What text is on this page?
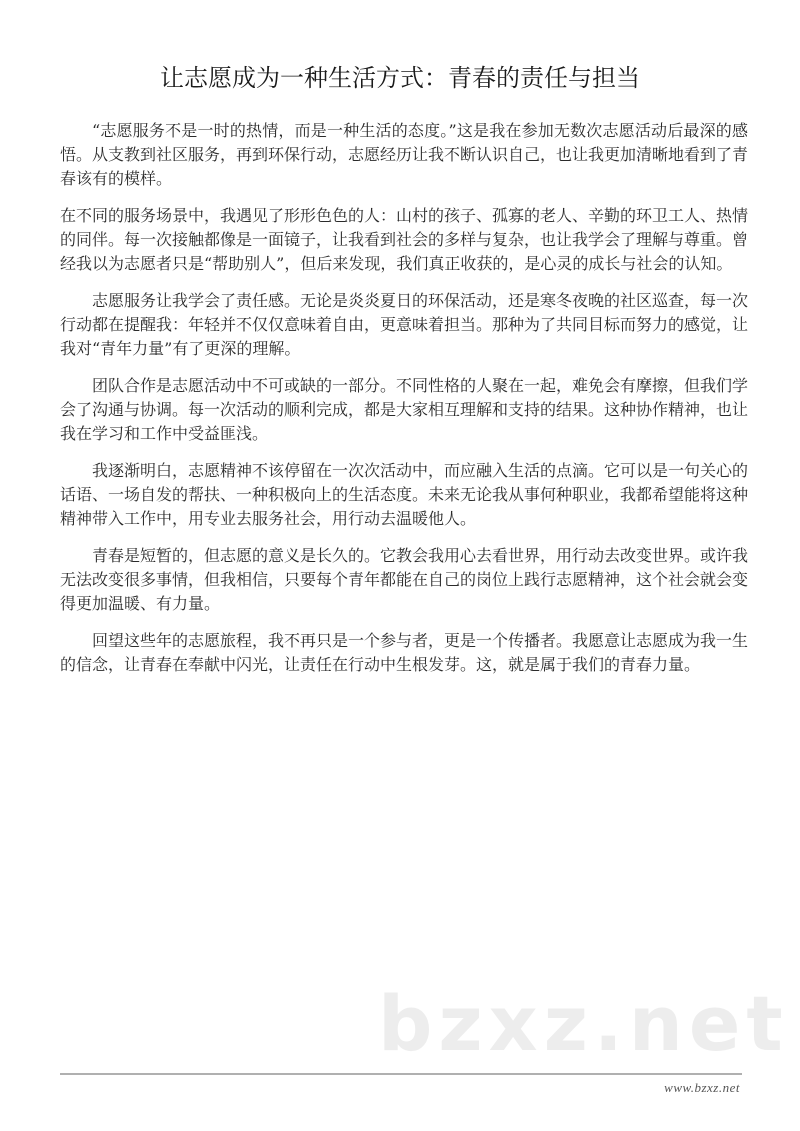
让志愿成为一种生活方式：青春的责任与担当

“志愿服务不是一时的热情，而是一种生活的态度。”这是我在参加无数次志愿活动后最深的感悟。从支教到社区服务，再到环保行动，志愿经历让我不断认识自己，也让我更加清晰地看到了青春该有的模样。

在不同的服务场景中，我遇见了形形色色的人：山村的孩子、孤寡的老人、辛勤的环卫工人、热情的同伴。每一次接触都像是一面镜子，让我看到社会的多样与复杂，也让我学会了理解与尊重。曾经我以为志愿者只是“帮助别人”，但后来发现，我们真正收获的，是心灵的成长与社会的认知。

志愿服务让我学会了责任感。无论是炎炎夏日的环保活动，还是寒冬夜晚的社区巡查，每一次行动都在提醒我：年轻并不仅仅意味着自由，更意味着担当。那种为了共同目标而努力的感觉，让我对“青年力量”有了更深的理解。

团队合作是志愿活动中不可或缺的一部分。不同性格的人聚在一起，难免会有摩擦，但我们学会了沟通与协调。每一次活动的顺利完成，都是大家相互理解和支持的结果。这种协作精神，也让我在学习和工作中受益匪浅。

我逐渐明白，志愿精神不该停留在一次次活动中，而应融入生活的点滴。它可以是一句关心的话语、一场自发的帮扶、一种积极向上的生活态度。未来无论我从事何种职业，我都希望能将这种精神带入工作中，用专业去服务社会，用行动去温暖他人。

青春是短暂的，但志愿的意义是长久的。它教会我用心去看世界，用行动去改变世界。或许我无法改变很多事情，但我相信，只要每个青年都能在自己的岗位上践行志愿精神，这个社会就会变得更加温暖、有力量。

回望这些年的志愿旅程，我不再只是一个参与者，更是一个传播者。我愿意让志愿成为我一生的信念，让青春在奉献中闪光，让责任在行动中生根发芽。这，就是属于我们的青春力量。

bzxz.net
www.bzxz.net
